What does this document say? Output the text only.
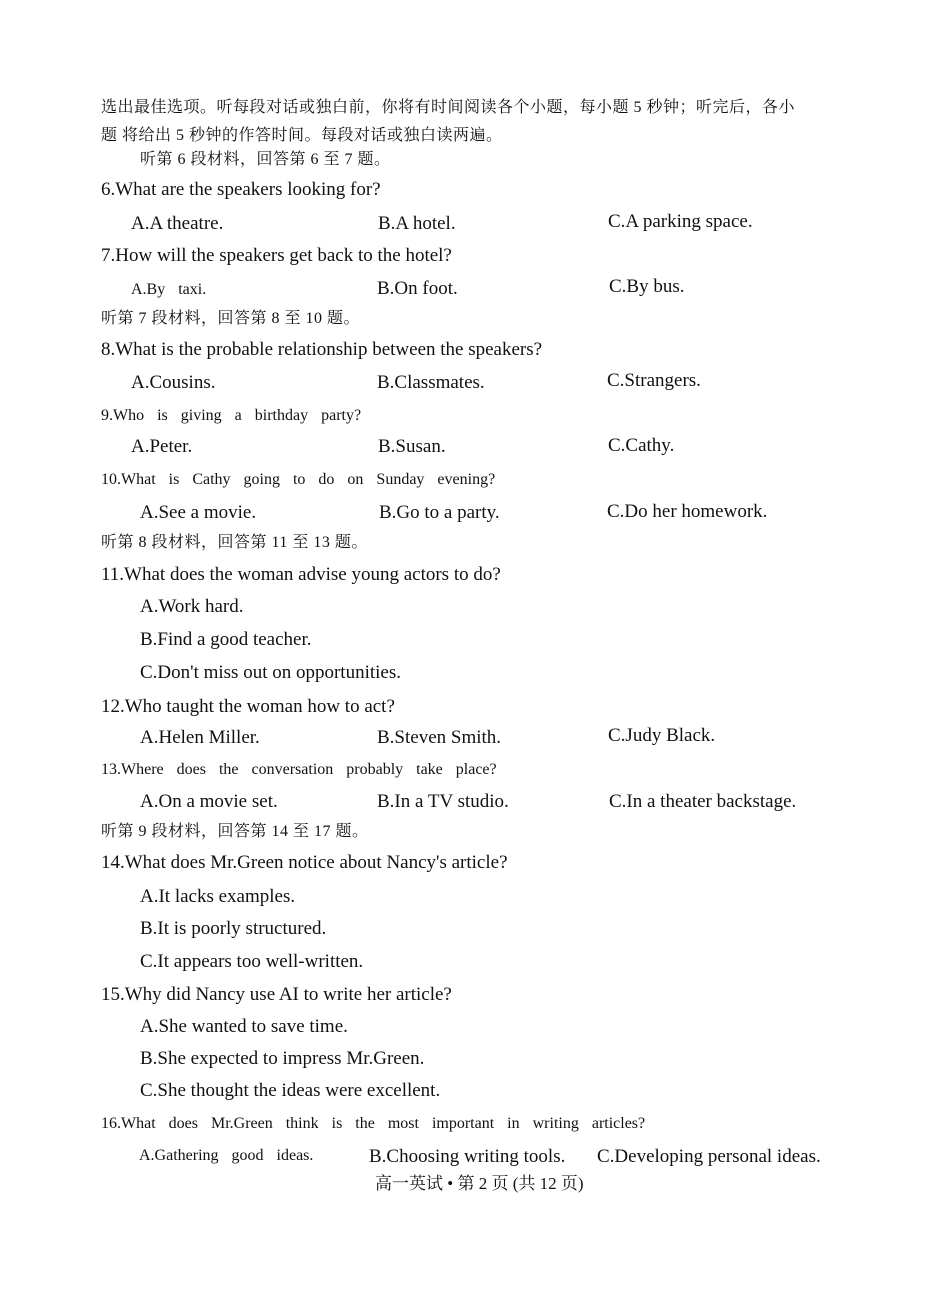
选出最佳选项。听每段对话或独白前，你将有时间阅读各个小题，每小题 5 秒钟；听完后，各小
题 将给出 5 秒钟的作答时间。每段对话或独白读两遍。
听第 6 段材料，回答第 6 至 7 题。
6.What are the speakers looking for?
A.A theatre.	B.A hotel.	C.A parking space.
7.How will the speakers get back to the hotel?
A.By taxi.	B.On foot.	C.By bus.
听第 7 段材料，回答第 8 至 10 题。
8.What is the probable relationship between the speakers?
A.Cousins.	B.Classmates.	C.Strangers.
9.Who is giving a birthday party?
A.Peter.	B.Susan.	C.Cathy.
10.What is Cathy going to do on Sunday evening?
A.See a movie.	B.Go to a party.	C.Do her homework.
听第 8 段材料，回答第 11 至 13 题。
11.What does the woman advise young actors to do?
A.Work hard.
B.Find a good teacher.
C.Don't miss out on opportunities.
12.Who taught the woman how to act?
A.Helen Miller.	B.Steven Smith.	C.Judy Black.
13.Where does the conversation probably take place?
A.On a movie set.	B.In a TV studio.	C.In a theater backstage.
听第 9 段材料，回答第 14 至 17 题。
14.What does Mr.Green notice about Nancy's article?
A.It lacks examples.
B.It is poorly structured.
C.It appears too well-written.
15.Why did Nancy use AI to write her article?
A.She wanted to save time.
B.She expected to impress Mr.Green.
C.She thought the ideas were excellent.
16.What does Mr.Green think is the most important in writing articles?
A.Gathering good ideas.	B.Choosing writing tools. C.Developing personal ideas.
高一英试 • 第 2 页 (共 12 页)
